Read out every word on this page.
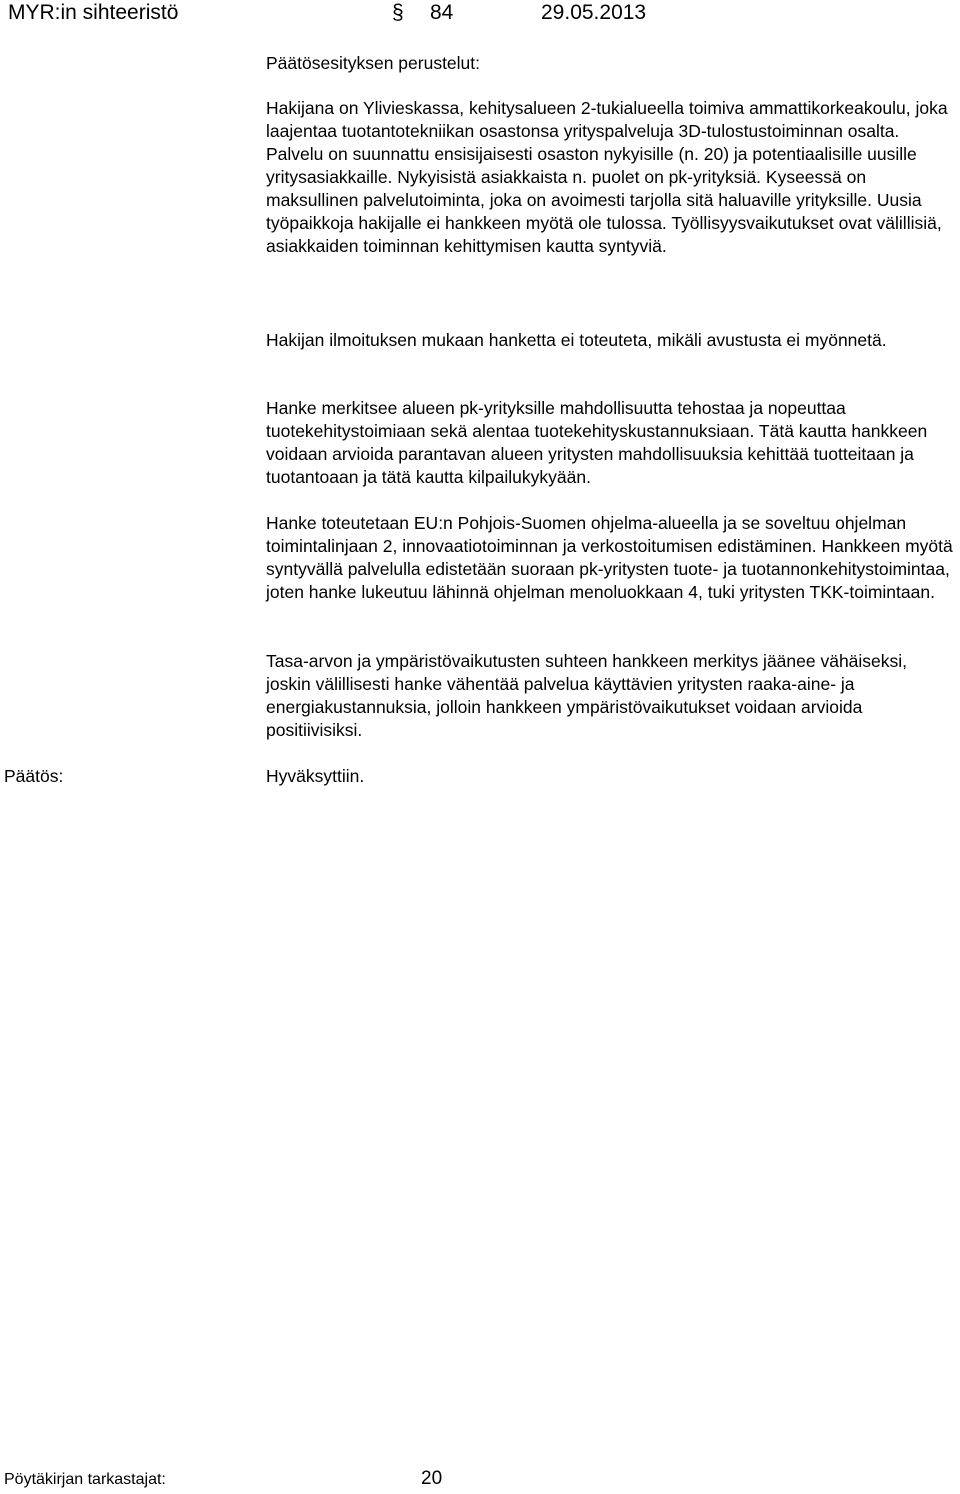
MYR:in sihteeristö	§ 84	29.05.2013

Päätösesityksen perustelut:

Hakijana on Ylivieskassa, kehitysalueen 2-tukialueella toimiva ammattikorkeakoulu, joka laajentaa tuotantotekniikan osastonsa yrityspalveluja 3D-tulostustoiminnan osalta. Palvelu on suunnattu ensisijaisesti osaston nykyisille (n. 20) ja potentiaalisille uusille yritysasiakkaille. Nykyisistä asiakkaista n. puolet on pk-yrityksiä. Kyseessä on maksullinen palvelutoiminta, joka on avoimesti tarjolla sitä haluaville yrityksille. Uusia työpaikkoja hakijalle ei hankkeen myötä ole tulossa. Työllisyysvaikutukset ovat välillisiä, asiakkaiden toiminnan kehittymisen kautta syntyviä.

Hakijan ilmoituksen mukaan hanketta ei toteuteta, mikäli avustusta ei myönnetä.

Hanke merkitsee alueen pk-yrityksille mahdollisuutta tehostaa ja nopeuttaa tuotekehitystoimiaan sekä alentaa tuotekehityskustannuksiaan. Tätä kautta hankkeen voidaan arvioida parantavan alueen yritysten mahdollisuuksia kehittää tuotteitaan ja tuotantoaan ja tätä kautta kilpailukykyään.

Hanke toteutetaan EU:n Pohjois-Suomen ohjelma-alueella ja se soveltuu ohjelman toimintalinjaan 2, innovaatiotoiminnan ja verkostoitumisen edistäminen. Hankkeen myötä syntyvällä palvelulla edistetään suoraan pk-yritysten tuote- ja tuotannonkehitystoimintaa, joten hanke lukeutuu lähinnä ohjelman menoluokkaan 4, tuki yritysten TKK-toimintaan.

Tasa-arvon ja ympäristövaikutusten suhteen hankkeen merkitys jäänee vähäiseksi, joskin välillisesti hanke vähentää palvelua käyttävien yritysten raaka-aine- ja energiakustannuksia, jolloin hankkeen ympäristövaikutukset voidaan arvioida positiivisiksi.

Päätös:	Hyväksyttiin.
Pöytäkirjan tarkastajat:	20
